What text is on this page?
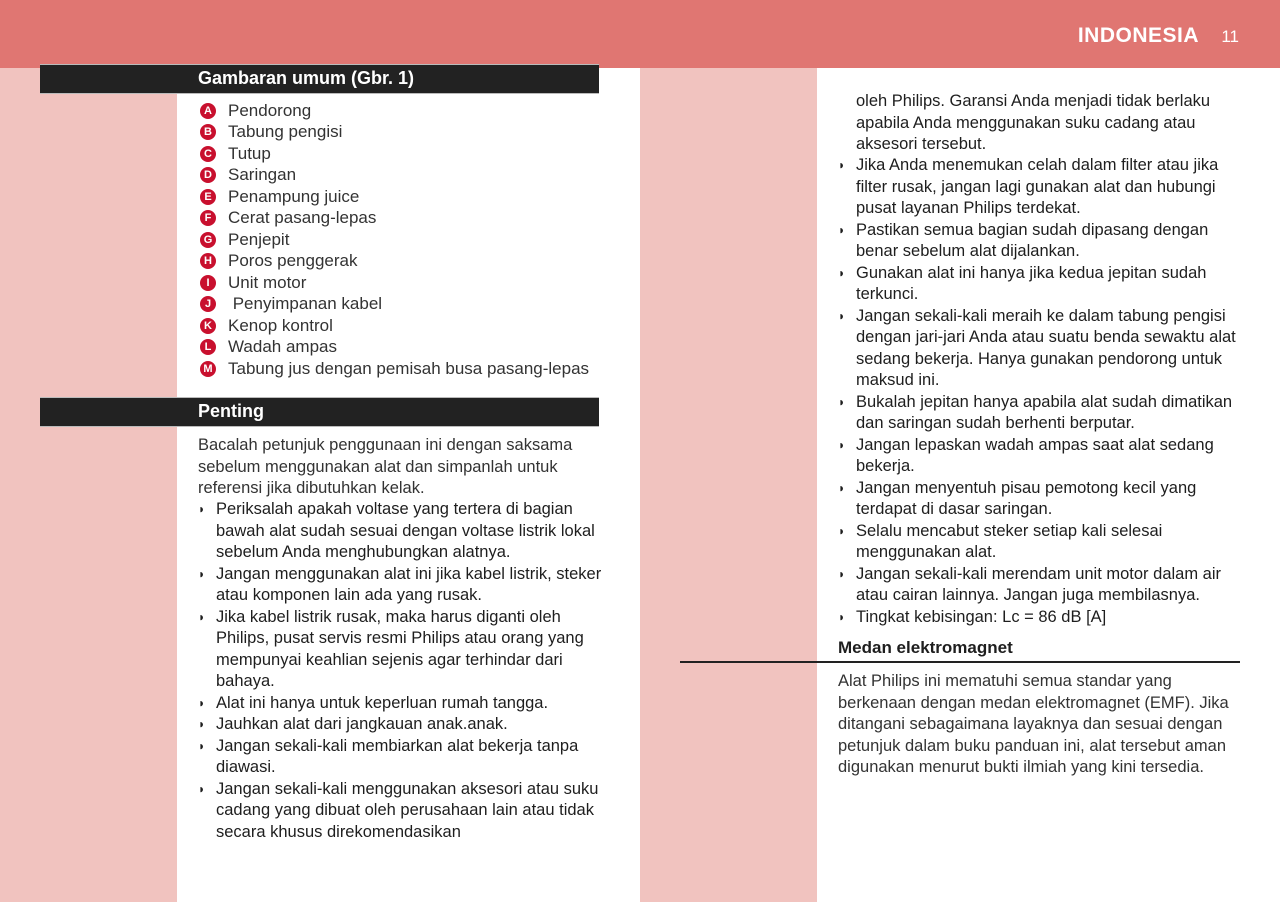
INDONESIA 11
Gambaran umum (Gbr. 1)
A Pendorong
B Tabung pengisi
C Tutup
D Saringan
E Penampung juice
F Cerat pasang-lepas
G Penjepit
H Poros penggerak
I	Unit motor
J Penyimpanan kabel
K Kenop kontrol
L Wadah ampas
M Tabung jus dengan pemisah busa pasang-lepas
Penting

Bacalah petunjuk penggunaan ini dengan saksama sebelum menggunakan alat dan simpanlah untuk referensi jika dibutuhkan kelak.

◗ Periksalah apakah voltase yang tertera di bagian bawah alat sudah sesuai dengan voltase listrik lokal sebelum Anda menghubungkan alatnya.
◗ Jangan menggunakan alat ini jika kabel listrik, steker atau komponen lain ada yang rusak.
◗ Jika kabel listrik rusak, maka harus diganti oleh Philips, pusat servis resmi Philips atau orang yang mempunyai keahlian sejenis agar terhindar dari bahaya.
◗ Alat ini hanya untuk keperluan rumah tangga.
◗ Jauhkan alat dari jangkauan anak.anak.
◗ Jangan sekali-kali membiarkan alat bekerja tanpa diawasi.
◗ Jangan sekali-kali menggunakan aksesori atau suku cadang yang dibuat oleh perusahaan lain atau tidak secara khusus direkomendasikan

oleh Philips. Garansi Anda menjadi tidak berlaku apabila Anda menggunakan suku cadang atau aksesori tersebut.

◗ Jika Anda menemukan celah dalam filter atau jika filter rusak, jangan lagi gunakan alat dan hubungi pusat layanan Philips terdekat.
◗ Pastikan semua bagian sudah dipasang dengan benar sebelum alat dijalankan.
◗ Gunakan alat ini hanya jika kedua jepitan sudah terkunci.
◗ Jangan sekali-kali meraih ke dalam tabung pengisi dengan jari-jari Anda atau suatu benda sewaktu alat sedang bekerja. Hanya gunakan pendorong untuk maksud ini.
◗ Bukalah jepitan hanya apabila alat sudah dimatikan dan saringan sudah berhenti berputar.
◗ Jangan lepaskan wadah ampas saat alat sedang bekerja.
◗ Jangan menyentuh pisau pemotong kecil yang terdapat di dasar saringan.
◗ Selalu mencabut steker setiap kali selesai menggunakan alat.
◗ Jangan sekali-kali merendam unit motor dalam air atau cairan lainnya. Jangan juga membilasnya.
◗ Tingkat kebisingan: Lc = 86 dB [A]
Medan elektromagnet

Alat Philips ini mematuhi semua standar yang berkenaan dengan medan elektromagnet (EMF). Jika ditangani sebagaimana layaknya dan sesuai dengan petunjuk dalam buku panduan ini, alat tersebut aman digunakan menurut bukti ilmiah yang kini tersedia.
